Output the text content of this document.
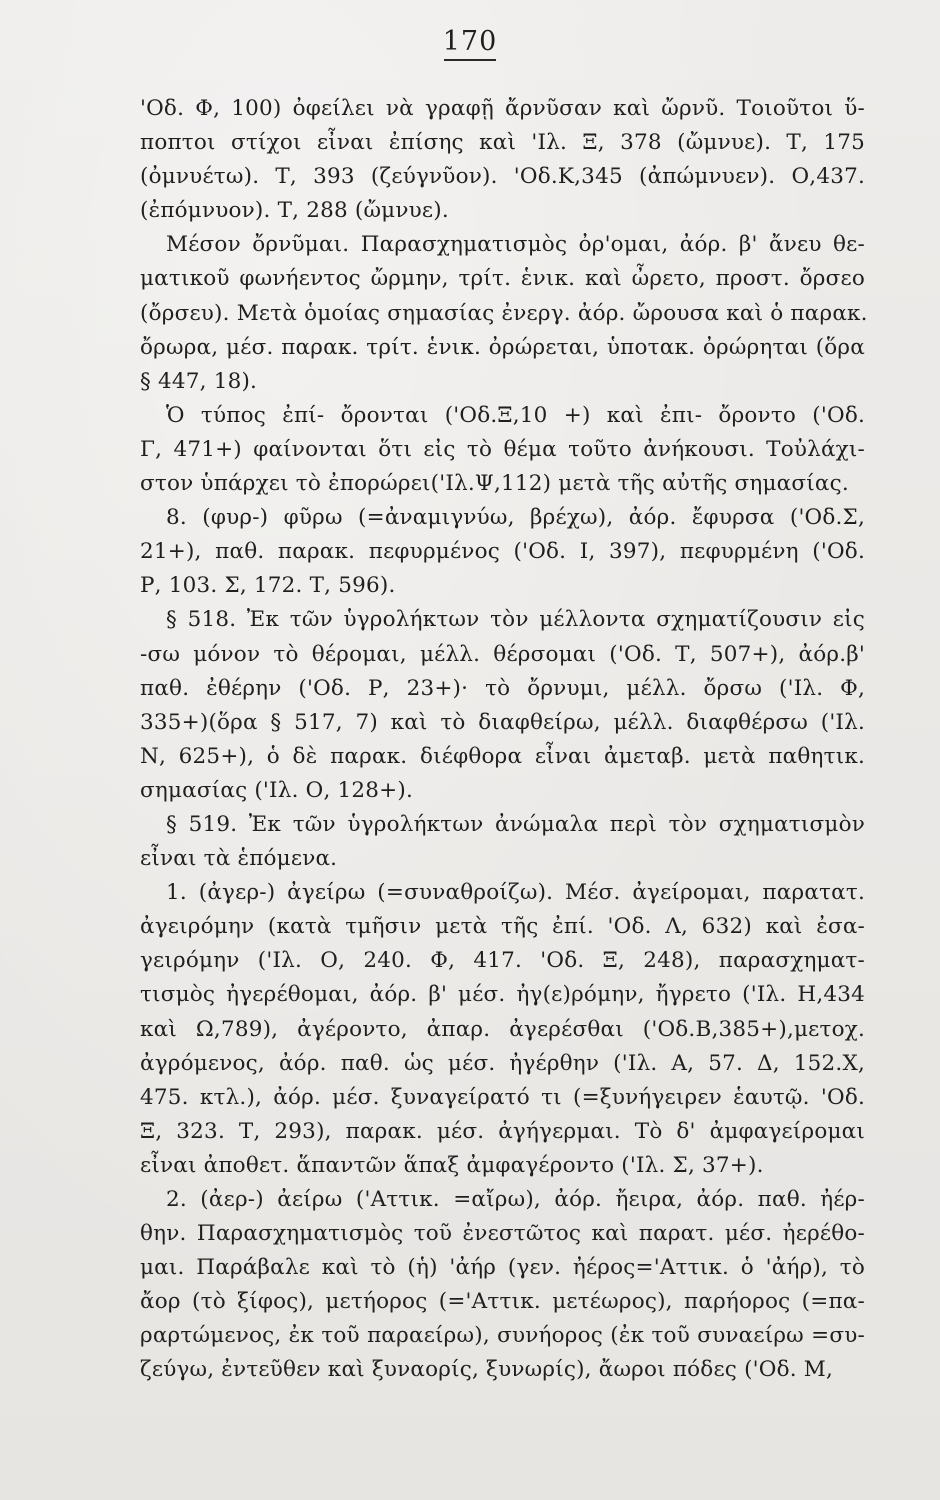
170
'Οδ. Φ, 100) ὀφείλει νὰ γραφῇ ἄρνῦσαν καὶ ὤρνῦ. Τοιοῦτοι ὕ-
ποπτοι στίχοι εἶναι ἐπίσης καὶ 'Ιλ. Ξ, 378 (ὤμνυε). Τ, 175
(ὀμνυέτω). Τ, 393 (ζεύγνῦον). 'Οδ.Κ,345 (ἀπώμνυεν). Ο,437.
(ἐπόμνυον). Τ, 288 (ὤμνυε).
Μέσον ὄρνῦμαι. Παρασχηματισμὸς ὀρ'ομαι, ἀόρ. β' ἄνευ θε-
ματικοῦ φωνήεντος ὤρμην, τρίτ. ἑνικ. καὶ ὦρετο, προστ. ὄρσεο
(ὄρσευ). Μετὰ ὁμοίας σημασίας ἐνεργ. ἀόρ. ὤρουσα καὶ ὁ παρακ.
ὄρωρα, μέσ. παρακ. τρίτ. ἑνικ. ὀρώρεται, ὑποτακ. ὀρώρηται (ὅρα
§ 447, 18).
Ὁ τύπος ἐπί- ὄρονται ('Οδ.Ξ,10 +) καὶ ἐπι- ὄροντο ('Οδ.
Γ, 471+) φαίνονται ὅτι εἰς τὸ θέμα τοῦτο ἀνήκουσι. Τοὐλάχι-
στον ὑπάρχει τὸ ἐπορώρει('Ιλ.Ψ,112) μετὰ τῆς αὐτῆς σημασίας.
8. (φυρ-) φῦρω (=ἀναμιγνύω, βρέχω), ἀόρ. ἔφυρσα ('Οδ.Σ,
21+), παθ. παρακ. πεφυρμένος ('Οδ. Ι, 397), πεφυρμένη ('Οδ.
Ρ, 103. Σ, 172. Τ, 596).
§ 518. Ἐκ τῶν ὑγρολήκτων τὸν μέλλοντα σχηματίζουσιν εἰς
-σω μόνον τὸ θέρομαι, μέλλ. θέρσομαι ('Οδ. Τ, 507+), ἀόρ.β'
παθ. ἐθέρην ('Οδ. Ρ, 23+)· τὸ ὄρνυμι, μέλλ. ὄρσω ('Ιλ. Φ,
335+)(ὅρα § 517, 7) καὶ τὸ διαφθείρω, μέλλ. διαφθέρσω ('Ιλ.
Ν, 625+), ὁ δὲ παρακ. διέφθορα εἶναι ἀμεταβ. μετὰ παθητικ.
σημασίας ('Ιλ. Ο, 128+).
§ 519. Ἐκ τῶν ὑγρολήκτων ἀνώμαλα περὶ τὸν σχηματισμὸν
εἶναι τὰ ἑπόμενα.
1. (ἀγερ-) ἀγείρω (=συναθροίζω). Μέσ. ἀγείρομαι, παρατατ.
ἀγειρόμην (κατὰ τμῆσιν μετὰ τῆς ἐπί. 'Οδ. Λ, 632) καὶ ἐσα-
γειρόμην ('Ιλ. Ο, 240. Φ, 417. 'Οδ. Ξ, 248), παρασχηματ-
τισμὸς ἠγερέθομαι, ἀόρ. β' μέσ. ἠγ(ε)ρόμην, ἤγρετο ('Ιλ. Η,434
καὶ Ω,789), ἀγέροντο, ἀπαρ. ἀγερέσθαι ('Οδ.Β,385+),μετοχ.
ἀγρόμενος, ἀόρ. παθ. ὡς μέσ. ἠγέρθην ('Ιλ. Α, 57. Δ, 152.Χ,
475. κτλ.), ἀόρ. μέσ. ξυναγείρατό τι (=ξυνήγειρεν ἑαυτῷ. 'Οδ.
Ξ, 323. Τ, 293), παρακ. μέσ. ἀγήγερμαι. Τὸ δ' ἀμφαγείρομαι
εἶναι ἀποθετ. ἅπαντῶν ἅπαξ ἀμφαγέροντο ('Ιλ. Σ, 37+).
2. (ἀερ-) ἀείρω ('Αττικ. =αἴρω), ἀόρ. ἤειρα, ἀόρ. παθ. ἠέρ-
θην. Παρασχηματισμὸς τοῦ ἐνεστῶτος καὶ παρατ. μέσ. ἠερέθο-
μαι. Παράβαλε καὶ τὸ (ἡ) 'ἀήρ (γεν. ἠέρος='Αττικ. ὁ 'ἀήρ), τὸ
ἄορ (τὸ ξίφος), μετήορος (='Αττικ. μετέωρος), παρήορος (=πα-
ραρτώμενος, ἐκ τοῦ παραείρω), συνήορος (ἐκ τοῦ συναείρω =συ-
ζεύγω, ἐντεῦθεν καὶ ξυναορίς, ξυνωρίς), ἄωροι πόδες ('Οδ. Μ,
